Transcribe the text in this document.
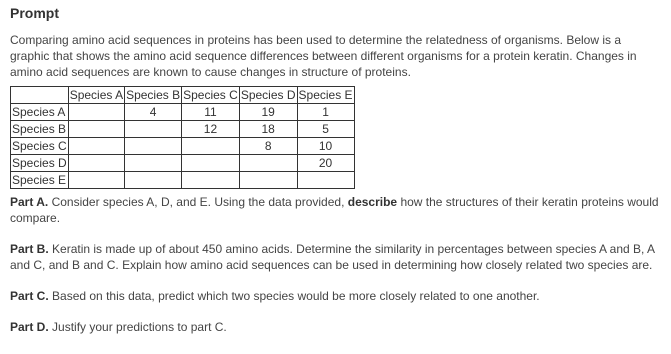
Prompt
Comparing amino acid sequences in proteins has been used to determine the relatedness of organisms. Below is a graphic that shows the amino acid sequence differences between different organisms for a protein keratin. Changes in amino acid sequences are known to cause changes in structure of proteins.
	Species A	Species B	Species C	Species D	Species E
Species A		4	11	19	1
Species B			12	18	5
Species C				8	10
Species D					20
Species E					
Part A. Consider species A, D, and E. Using the data provided, describe how the structures of their keratin proteins would compare.
Part B. Keratin is made up of about 450 amino acids. Determine the similarity in percentages between species A and B, A and C, and B and C. Explain how amino acid sequences can be used in determining how closely related two species are.
Part C. Based on this data, predict which two species would be more closely related to one another.
Part D. Justify your predictions to part C.
